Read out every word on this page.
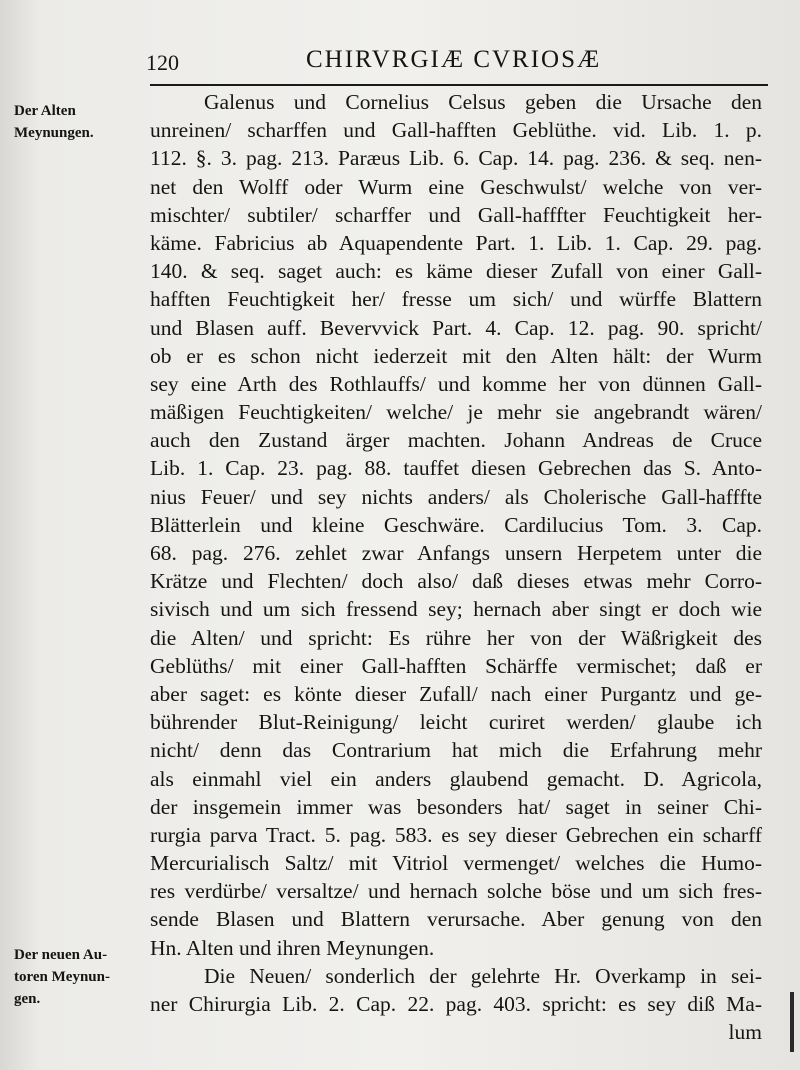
120	CHIRVRGIÆ CVRIOSÆ
Der Alten
Meynungen.
Der neuen Au-
toren Meynun-
gen.
Galenus und Cornelius Celsus geben die Ursache den
unreinen/ scharffen und Gall-hafften Geblüthe. vid. Lib. 1. p.
112. §. 3. pag. 213. Paræus Lib. 6. Cap. 14. pag. 236. & seq. nen-
net den Wolff oder Wurm eine Geschwulst/ welche von ver-
mischter/ subtiler/ scharffer und Gall-hafffter Feuchtigkeit her-
käme. Fabricius ab Aquapendente Part. 1. Lib. 1. Cap. 29. pag.
140. & seq. saget auch: es käme dieser Zufall von einer Gall-
hafften Feuchtigkeit her/ fresse um sich/ und würffe Blattern
und Blasen auff. Bevervvick Part. 4. Cap. 12. pag. 90. spricht/
ob er es schon nicht iederzeit mit den Alten hält: der Wurm
sey eine Arth des Rothlauffs/ und komme her von dünnen Gall-
mäßigen Feuchtigkeiten/ welche/ je mehr sie angebrandt wären/
auch den Zustand ärger machten. Johann Andreas de Cruce
Lib. 1. Cap. 23. pag. 88. tauffet diesen Gebrechen das S. Anto-
nius Feuer/ und sey nichts anders/ als Cholerische Gall-hafffte
Blätterlein und kleine Geschwäre. Cardilucius Tom. 3. Cap.
68. pag. 276. zehlet zwar Anfangs unsern Herpetem unter die
Krätze und Flechten/ doch also/ daß dieses etwas mehr Corro-
sivisch und um sich fressend sey; hernach aber singt er doch wie
die Alten/ und spricht: Es rühre her von der Wäßrigkeit des
Geblüths/ mit einer Gall-hafften Schärffe vermischet; daß er
aber saget: es könte dieser Zufall/ nach einer Purgantz und ge-
bührender Blut-Reinigung/ leicht curiret werden/ glaube ich
nicht/ denn das Contrarium hat mich die Erfahrung mehr
als einmahl viel ein anders glaubend gemacht. D. Agricola,
der insgemein immer was besonders hat/ saget in seiner Chi-
rurgia parva Tract. 5. pag. 583. es sey dieser Gebrechen ein scharff
Mercurialisch Saltz/ mit Vitriol vermenget/ welches die Humo-
res verdürbe/ versaltze/ und hernach solche böse und um sich fres-
sende Blasen und Blattern verursache. Aber genung von den
Hn. Alten und ihren Meynungen.
Die Neuen/ sonderlich der gelehrte Hr. Overkamp in sei-
ner Chirurgia Lib. 2. Cap. 22. pag. 403. spricht: es sey diß Ma-
lum
